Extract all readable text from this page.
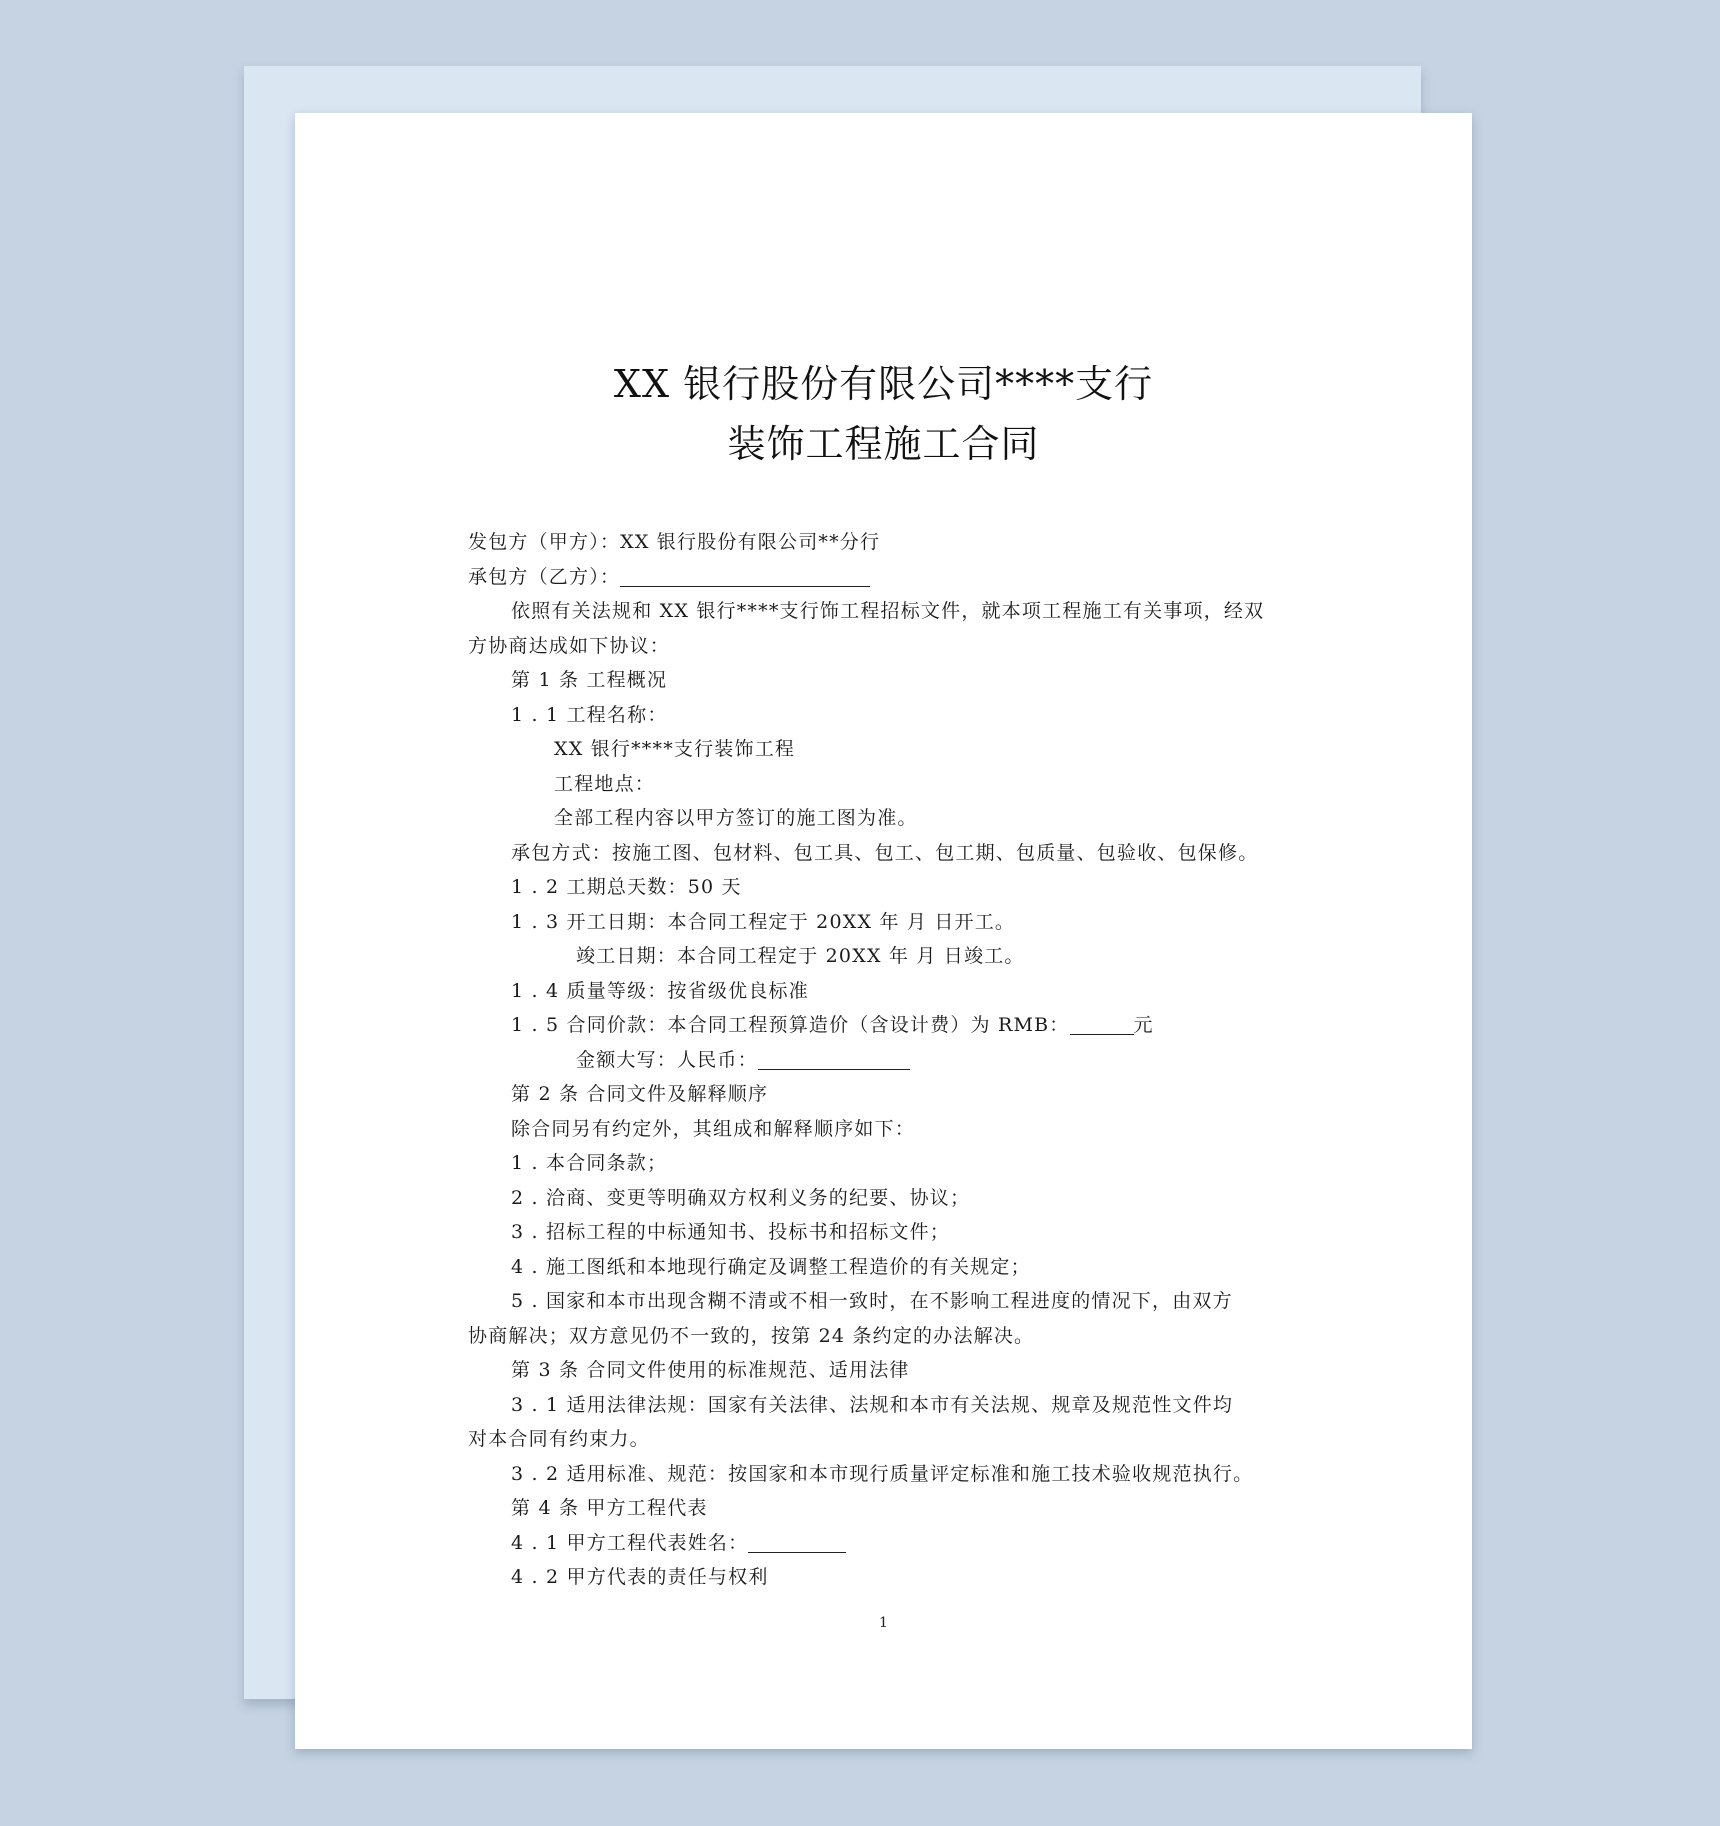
XX 银行股份有限公司****支行
装饰工程施工合同
发包方（甲方）：XX 银行股份有限公司**分行
承包方（乙方）：
依照有关法规和 XX 银行****支行饰工程招标文件，就本项工程施工有关事项，经双
方协商达成如下协议：
第 1 条 工程概况
1 . 1 工程名称：
XX 银行****支行装饰工程
工程地点：
全部工程内容以甲方签订的施工图为准。
承包方式：按施工图、包材料、包工具、包工、包工期、包质量、包验收、包保修。
1 . 2 工期总天数：50 天
1 . 3 开工日期：本合同工程定于 20XX 年 月 日开工。
竣工日期：本合同工程定于 20XX 年 月 日竣工。
1 . 4 质量等级：按省级优良标准
1 . 5 合同价款：本合同工程预算造价（含设计费）为 RMB：	元
金额大写：人民币：
第 2 条 合同文件及解释顺序
除合同另有约定外，其组成和解释顺序如下：
1 . 本合同条款；
2 . 洽商、变更等明确双方权利义务的纪要、协议；
3 . 招标工程的中标通知书、投标书和招标文件；
4 . 施工图纸和本地现行确定及调整工程造价的有关规定；
5 . 国家和本市出现含糊不清或不相一致时，在不影响工程进度的情况下，由双方
协商解决；双方意见仍不一致的，按第 24 条约定的办法解决。
第 3 条 合同文件使用的标准规范、适用法律
3 . 1 适用法律法规：国家有关法律、法规和本市有关法规、规章及规范性文件均
对本合同有约束力。
3 . 2 适用标准、规范：按国家和本市现行质量评定标准和施工技术验收规范执行。
第 4 条 甲方工程代表
4 . 1 甲方工程代表姓名：
4 . 2 甲方代表的责任与权利
1
